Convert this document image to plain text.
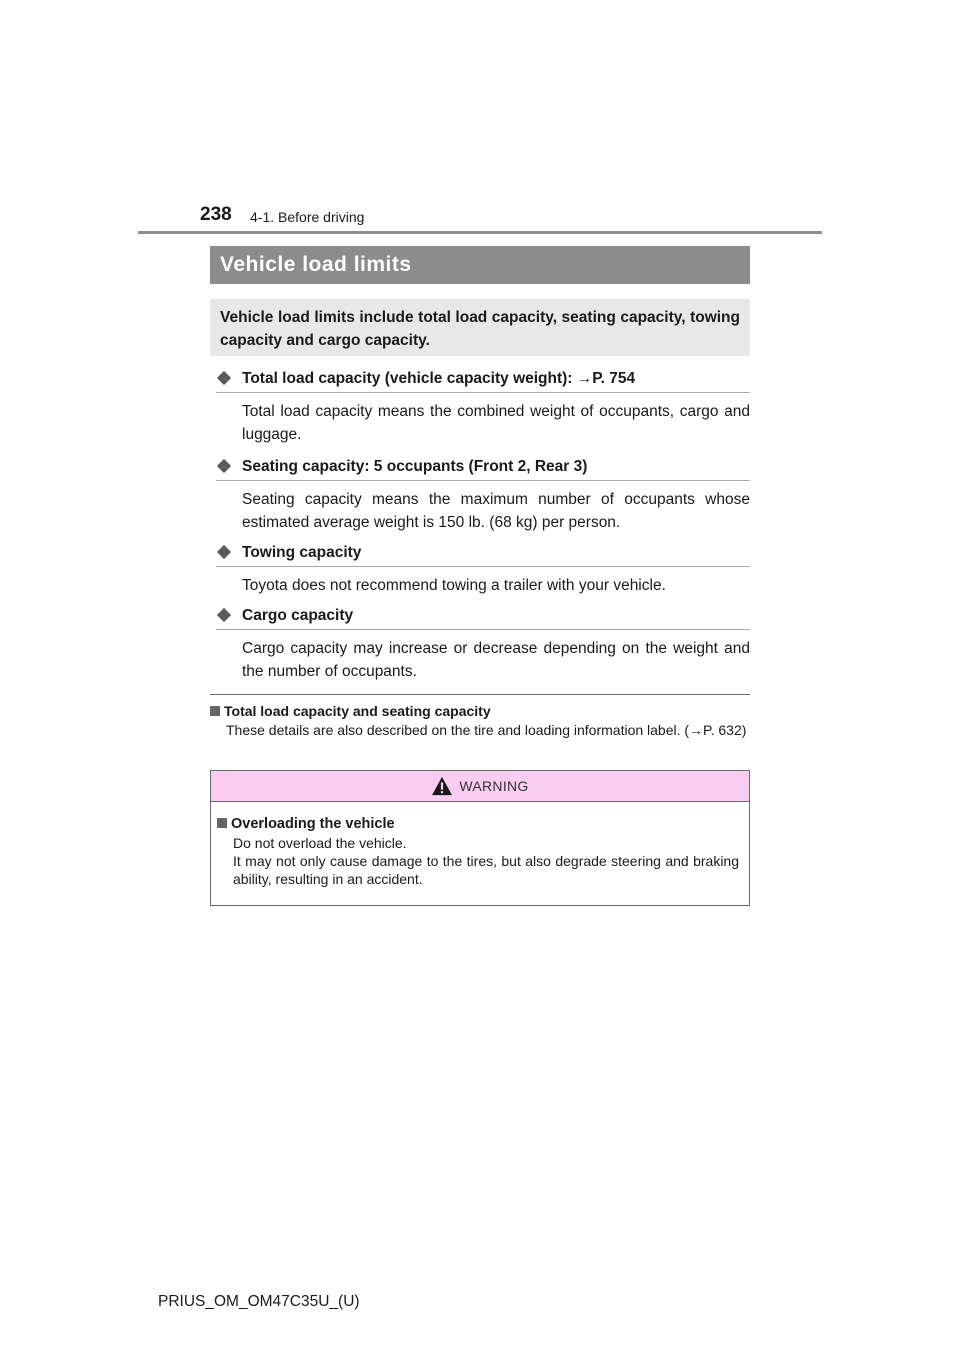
238 4-1. Before driving
Vehicle load limits
Vehicle load limits include total load capacity, seating capacity, towing capacity and cargo capacity.
Total load capacity (vehicle capacity weight): →P. 754
Total load capacity means the combined weight of occupants, cargo and luggage.
Seating capacity: 5 occupants (Front 2, Rear 3)
Seating capacity means the maximum number of occupants whose estimated average weight is 150 lb. (68 kg) per person.
Towing capacity
Toyota does not recommend towing a trailer with your vehicle.
Cargo capacity
Cargo capacity may increase or decrease depending on the weight and the number of occupants.
Total load capacity and seating capacity
These details are also described on the tire and loading information label. (→P. 632)
WARNING
Overloading the vehicle
Do not overload the vehicle.
It may not only cause damage to the tires, but also degrade steering and braking ability, resulting in an accident.
PRIUS_OM_OM47C35U_(U)
